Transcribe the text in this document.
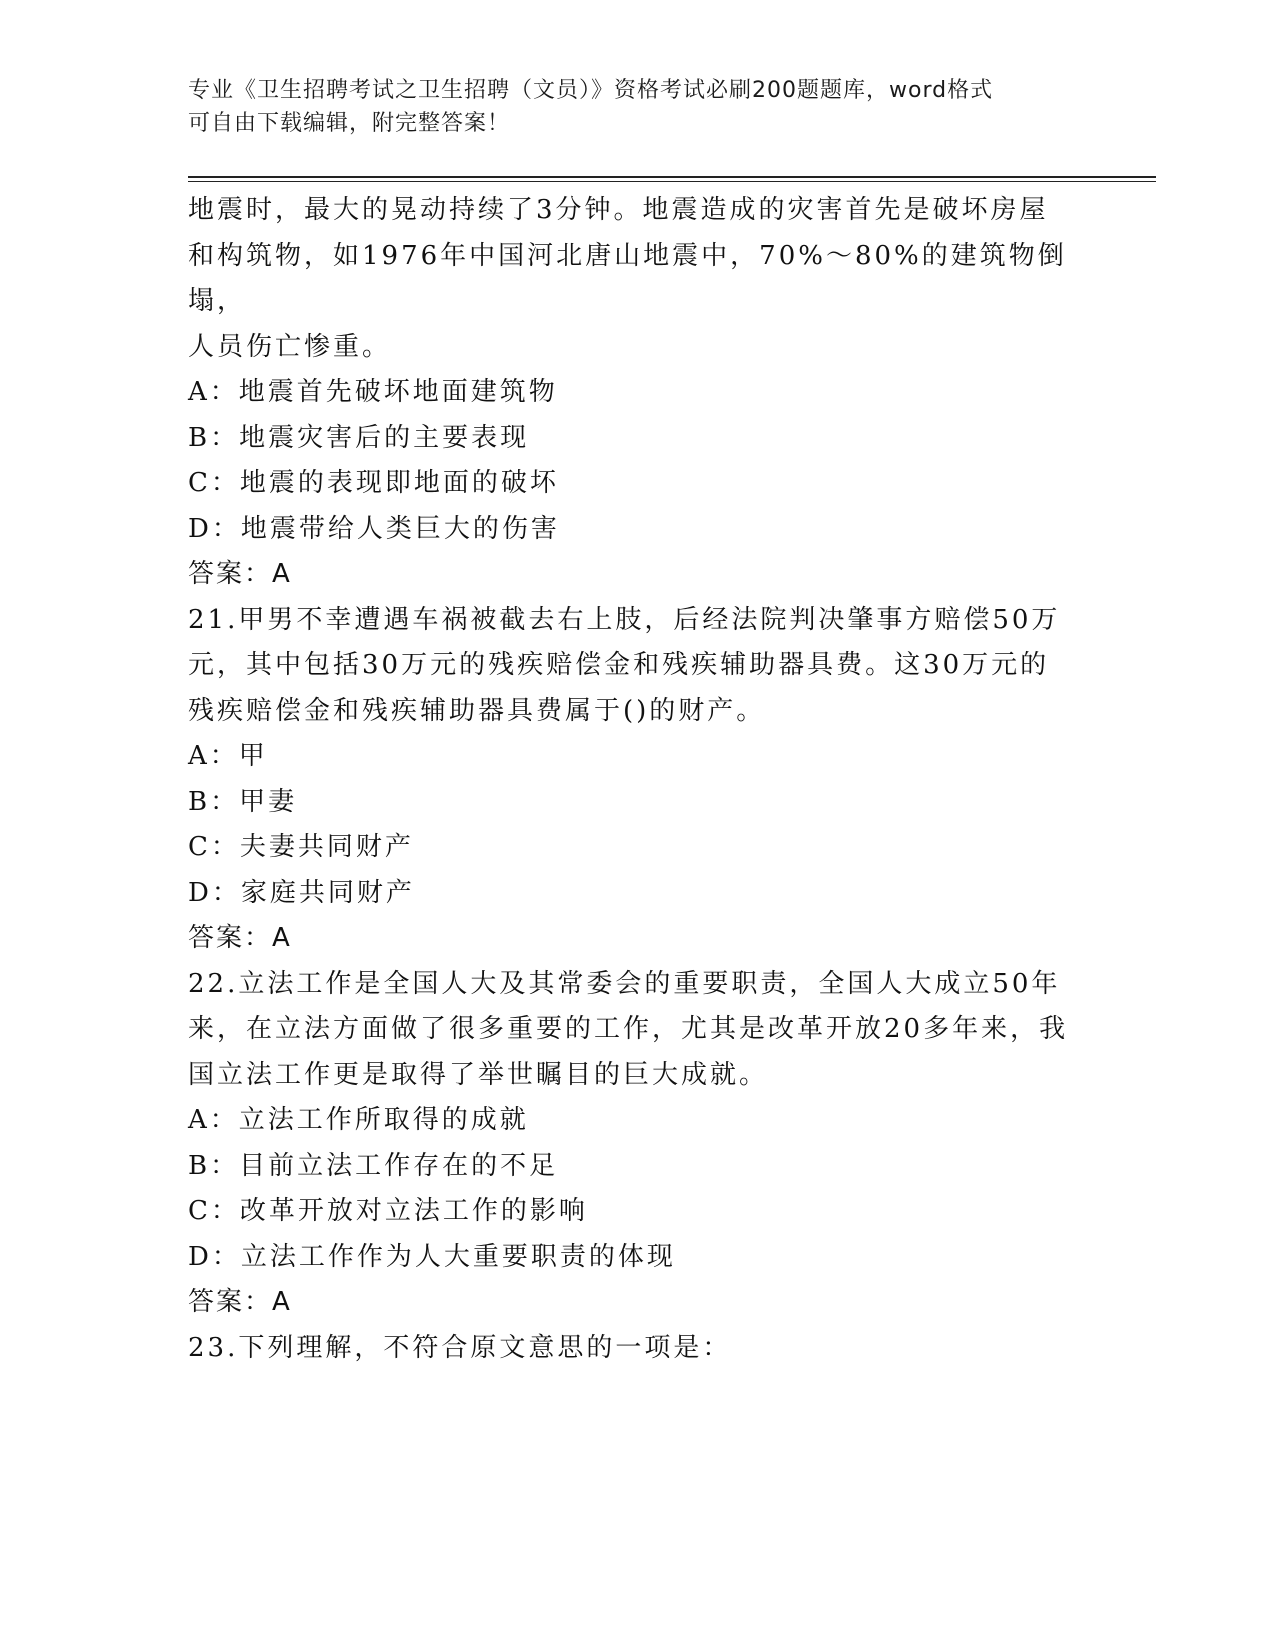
专业《卫生招聘考试之卫生招聘（文员）》资格考试必刷200题题库，word格式
可自由下载编辑，附完整答案！

地震时，最大的晃动持续了3分钟。地震造成的灾害首先是破坏房屋

和构筑物，如1976年中国河北唐山地震中，70%～80%的建筑物倒塌，

人员伤亡惨重。

A：地震首先破坏地面建筑物

B：地震灾害后的主要表现

C：地震的表现即地面的破坏

D：地震带给人类巨大的伤害

答案：A

21.甲男不幸遭遇车祸被截去右上肢，后经法院判决肇事方赔偿50万

元，其中包括30万元的残疾赔偿金和残疾辅助器具费。这30万元的

残疾赔偿金和残疾辅助器具费属于()的财产。

A：甲

B：甲妻

C：夫妻共同财产

D：家庭共同财产

答案：A

22.立法工作是全国人大及其常委会的重要职责，全国人大成立50年

来，在立法方面做了很多重要的工作，尤其是改革开放20多年来，我

国立法工作更是取得了举世瞩目的巨大成就。

A：立法工作所取得的成就

B：目前立法工作存在的不足

C：改革开放对立法工作的影响

D：立法工作作为人大重要职责的体现

答案：A

23.下列理解，不符合原文意思的一项是：
